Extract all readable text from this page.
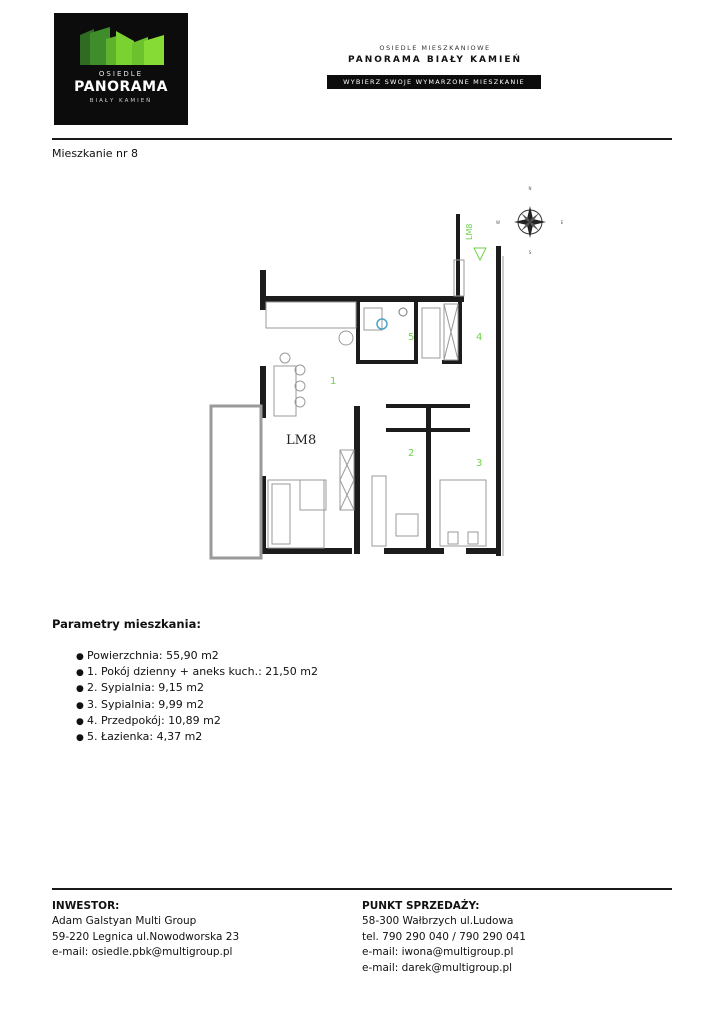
OSIEDLE
PANORAMA
BIAŁY KAMIEŃ
OSIEDLE MIESZKANIOWE
PANORAMA BIAŁY KAMIEŃ
WYBIERZ SWOJE WYMARZONE MIESZKANIE
Mieszkanie nr 8
N
E
S
W
LM8
LM8
1
2
3
4
5
Parametry mieszkania:
● Powierzchnia: 55,90 m2
● 1. Pokój dzienny + aneks kuch.: 21,50 m2
● 2. Sypialnia: 9,15 m2
● 3. Sypialnia: 9,99 m2
● 4. Przedpokój: 10,89 m2
● 5. Łazienka: 4,37 m2
INWESTOR:
Adam Galstyan Multi Group
59-220 Legnica ul.Nowodworska 23
e-mail: osiedle.pbk@multigroup.pl
PUNKT SPRZEDAŻY:
58-300 Wałbrzych ul.Ludowa
tel. 790 290 040 / 790 290 041
e-mail: iwona@multigroup.pl
e-mail: darek@multigroup.pl
